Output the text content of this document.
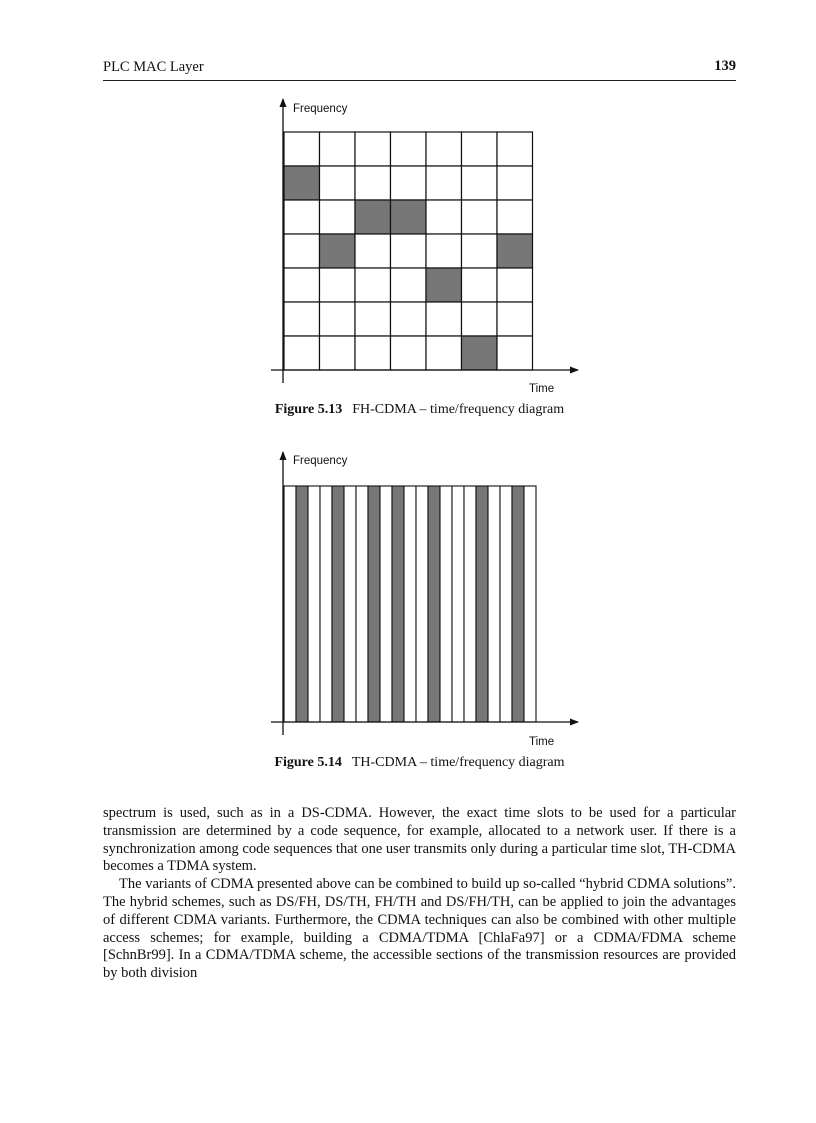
PLC MAC Layer	139
Frequency
Time
Figure 5.13 FH-CDMA – time/frequency diagram
Frequency
Time
Figure 5.14 TH-CDMA – time/frequency diagram

spectrum is used, such as in a DS-CDMA. However, the exact time slots to be used for a particular transmission are determined by a code sequence, for example, allocated to a network user. If there is a synchronization among code sequences that one user transmits only during a particular time slot, TH-CDMA becomes a TDMA system.

The variants of CDMA presented above can be combined to build up so-called “hybrid CDMA solutions”. The hybrid schemes, such as DS/FH, DS/TH, FH/TH and DS/FH/TH, can be applied to join the advantages of different CDMA variants. Furthermore, the CDMA techniques can also be combined with other multiple access schemes; for example, building a CDMA/TDMA [ChlaFa97] or a CDMA/FDMA scheme [SchnBr99]. In a CDMA/TDMA scheme, the accessible sections of the transmission resources are provided by both division
